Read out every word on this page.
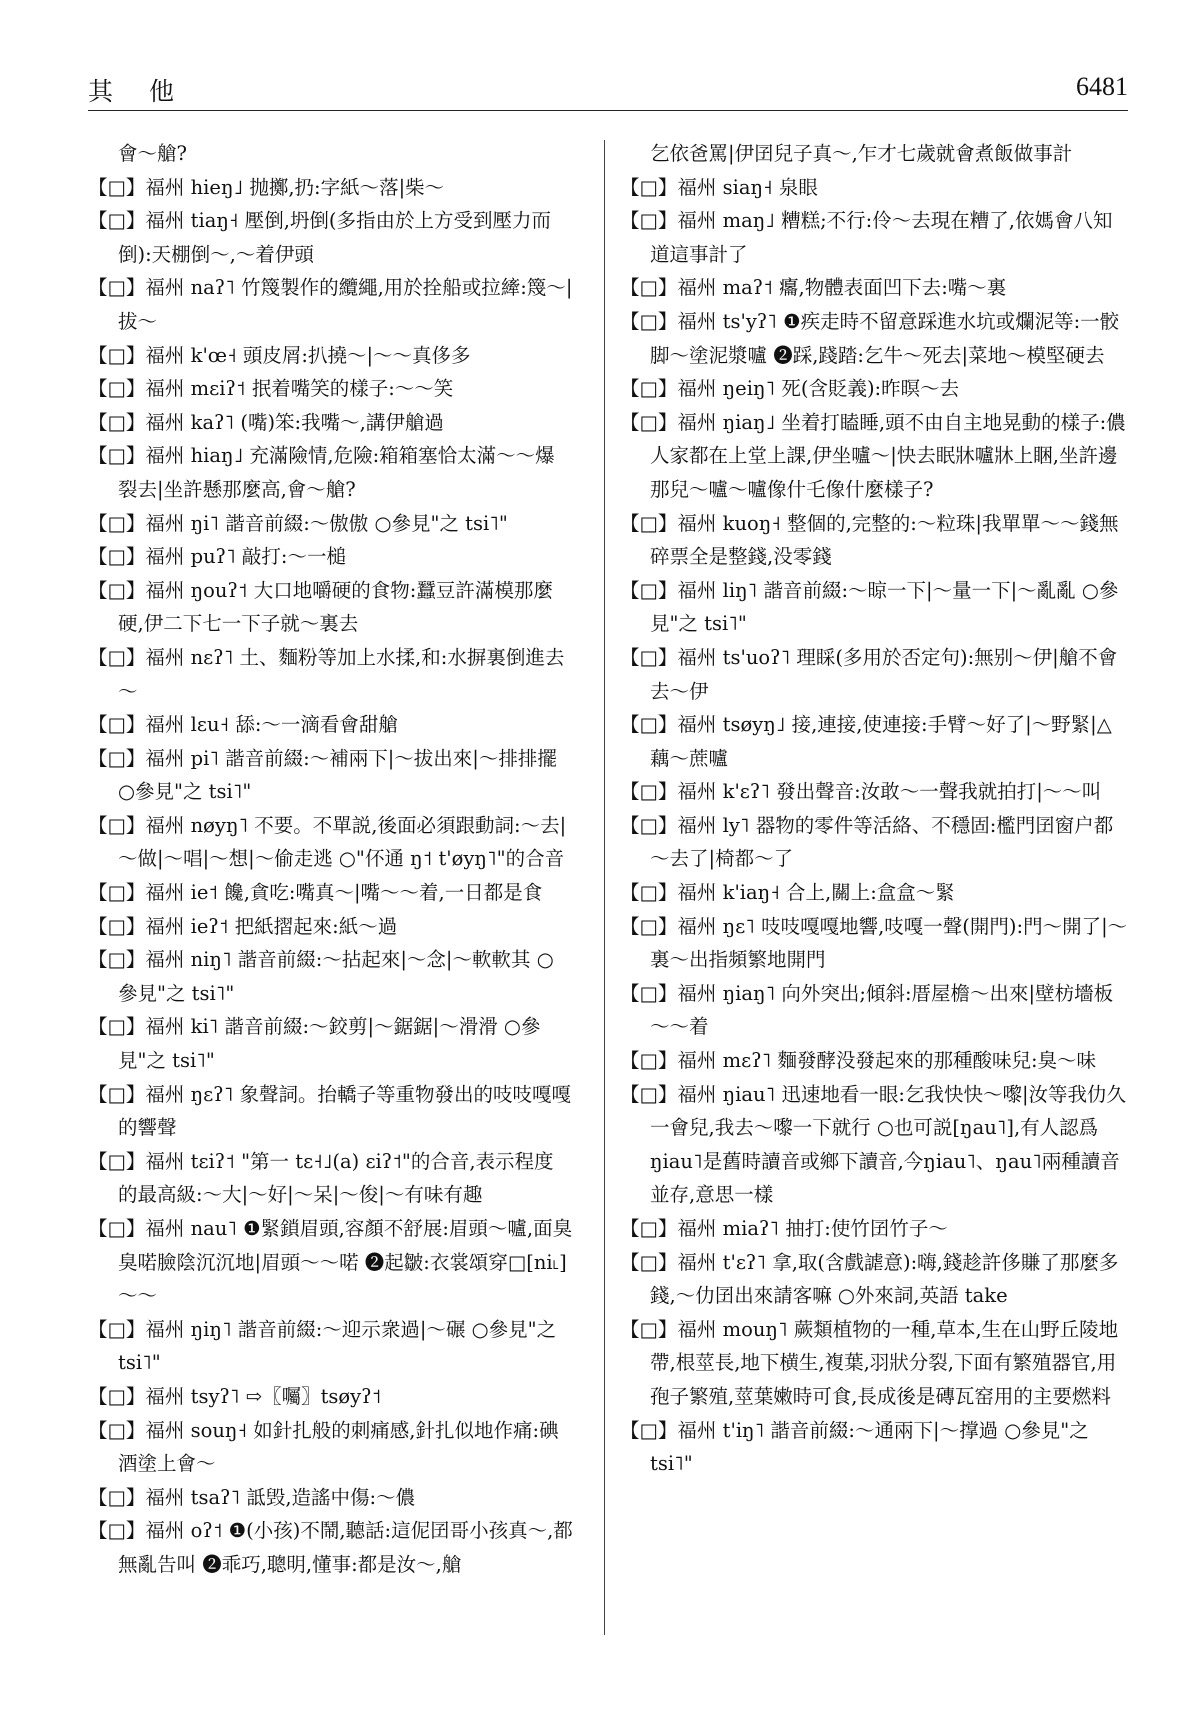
其 他	6481

會～艙?

【□】福州 hieŋ˩ 抛擲,扔:字紙～落|柴～

【□】福州 tiaŋ˧ 壓倒,坍倒(多指由於上方受到壓力而倒):天棚倒～,～着伊頭

【□】福州 naʔ˥ 竹篾製作的纜繩,用於拴船或拉縴:篾～|拔～

【□】福州 k'œ˧ 頭皮屑:扒撓～|～～真侈多

【□】福州 mɛiʔ˦ 抿着嘴笑的樣子:～～笑

【□】福州 kaʔ˥ (嘴)笨:我嘴～,講伊艙過

【□】福州 hiaŋ˩ 充滿險情,危險:箱箱塞恰太滿～～爆裂去|坐許懸那麼高,會～艙?

【□】福州 ŋi˥ 諧音前綴:～傲傲 ○參見"之 tsi˥"

【□】福州 puʔ˥ 敲打:～一槌

【□】福州 ŋouʔ˦ 大口地嚼硬的食物:蠶豆許滿模那麼硬,伊二下七一下子就～裏去

【□】福州 nɛʔ˥ 土、麵粉等加上水揉,和:水摒裏倒進去～

【□】福州 lɛu˧ 舔:～一滴看會甜艙

【□】福州 pi˥ 諧音前綴:～補兩下|～拔出來|～排排擺 ○參見"之 tsi˥"

【□】福州 nøyŋ˥ 不要。不單説,後面必須跟動詞:～去|～做|～唱|～想|～偷走逃 ○"伓通 ŋ˦ t'øyŋ˥"的合音

【□】福州 ie˦ 饞,貪吃:嘴真～|嘴～～着,一日都是食

【□】福州 ieʔ˦ 把紙摺起來:紙～過

【□】福州 niŋ˥ 諧音前綴:～拈起來|～念|～軟軟其 ○參見"之 tsi˥"

【□】福州 ki˥ 諧音前綴:～鉸剪|～鋸鋸|～滑滑 ○參見"之 tsi˥"

【□】福州 ŋɛʔ˥ 象聲詞。抬轎子等重物發出的吱吱嘎嘎的響聲

【□】福州 tɛiʔ˦ "第一 tɛ˧˩(a) ɛiʔ˦"的合音,表示程度的最高級:～大|～好|～呆|～俊|～有味有趣

【□】福州 nau˥ ❶緊鎖眉頭,容顏不舒展:眉頭～嚧,面臭臭喏臉陰沉沉地|眉頭～～喏 ❷起皺:衣裳頌穿□[ni˪]～～

【□】福州 ŋiŋ˥ 諧音前綴:～迎示衆過|～碾 ○參見"之 tsi˥"

【□】福州 tsyʔ˥ ⇨〖囑〗tsøyʔ˦

【□】福州 souŋ˧ 如針扎般的刺痛感,針扎似地作痛:碘酒塗上會～

【□】福州 tsaʔ˥ 詆毁,造謠中傷:～儂

【□】福州 oʔ˦ ❶(小孩)不鬧,聽話:這伲囝哥小孩真～,都無亂告叫 ❷乖巧,聰明,懂事:都是汝～,艙

乞依爸罵|伊囝兒子真～,乍才七歲就會煮飯做事計

【□】福州 siaŋ˧ 泉眼

【□】福州 maŋ˩ 糟糕;不行:伶～去現在糟了,依媽會八知道這事計了

【□】福州 maʔ˦ 癟,物體表面凹下去:嘴～裏

【□】福州 ts'yʔ˥ ❶疾走時不留意踩進水坑或爛泥等:一骹脚～塗泥漿嚧 ❷踩,踐踏:乞牛～死去|菜地～模堅硬去

【□】福州 ŋeiŋ˥ 死(含貶義):昨暝～去

【□】福州 ŋiaŋ˩ 坐着打瞌睡,頭不由自主地晃動的樣子:儂人家都在上堂上課,伊坐嚧～|快去眠牀嚧牀上睏,坐許邊那兒～嚧～嚧像什乇像什麼樣子?

【□】福州 kuoŋ˧ 整個的,完整的:～粒珠|我單單～～錢無碎票全是整錢,没零錢

【□】福州 liŋ˥ 諧音前綴:～晾一下|～量一下|～亂亂 ○參見"之 tsi˥"

【□】福州 ts'uoʔ˥ 理睬(多用於否定句):無别～伊|艙不會去～伊

【□】福州 tsøyŋ˩ 接,連接,使連接:手臂～好了|～野緊|△藕～蔗嚧

【□】福州 k'ɛʔ˥ 發出聲音:汝敢～一聲我就拍打|～～叫

【□】福州 ly˥ 器物的零件等活絡、不穩固:檻門囝窗户都～去了|椅都～了

【□】福州 k'iaŋ˧ 合上,關上:盒盒～緊

【□】福州 ŋɛ˥ 吱吱嘎嘎地響,吱嘎一聲(開門):門～開了|～裏～出指頻繁地開門

【□】福州 ŋiaŋ˥ 向外突出;傾斜:厝屋檐～出來|壁枋墻板～～着

【□】福州 mɛʔ˥ 麵發酵没發起來的那種酸味兒:臭～味

【□】福州 ŋiau˥ 迅速地看一眼:乞我快快～嚟|汝等我仂久一會兒,我去～嚟一下就行 ○也可説[ŋau˥],有人認爲ŋiau˥是舊時讀音或鄉下讀音,今ŋiau˥、ŋau˥兩種讀音並存,意思一樣

【□】福州 miaʔ˥ 抽打:使竹囝竹子～

【□】福州 t'ɛʔ˥ 拿,取(含戲謔意):嗨,錢趁許侈賺了那麼多錢,～仂囝出來請客嘛 ○外來詞,英語 take

【□】福州 mouŋ˥ 蕨類植物的一種,草本,生在山野丘陵地帶,根莖長,地下横生,複葉,羽狀分裂,下面有繁殖器官,用孢子繁殖,莖葉嫩時可食,長成後是磚瓦窑用的主要燃料

【□】福州 t'iŋ˥ 諧音前綴:～通兩下|～撑過 ○參見"之 tsi˥"
